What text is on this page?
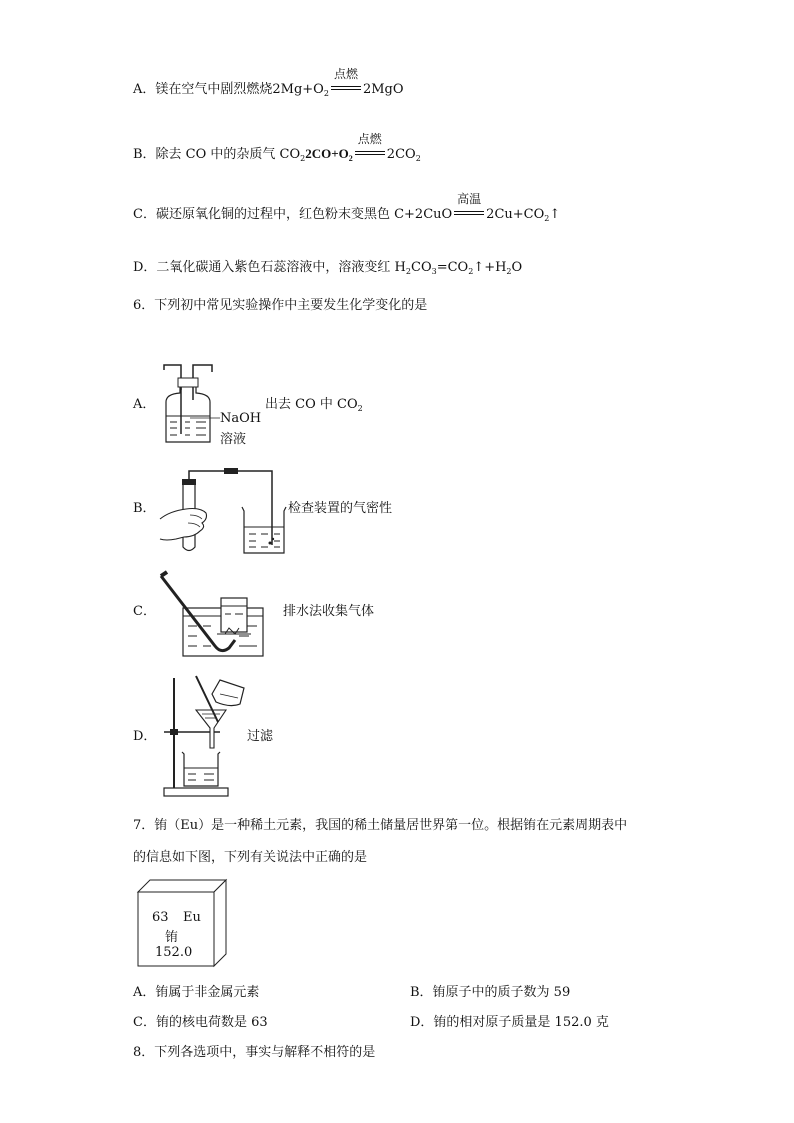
A．镁在空气中剧烈燃烧$2Mg+O_2$
点燃
2MgO
B．除去 CO 中的杂质气 $CO_22CO+O_2$
点燃
$2CO_2$
C．碳还原氧化铜的过程中，红色粉末变黑色 C+2CuO
高温
$2Cu+CO_2↑$
D．二氧化碳通入紫色石蕊溶液中，溶液变红 $H_2CO_3=CO_2↑+H_2O$
6．下列初中常见实验操作中主要发生化学变化的是
A．
NaOH
溶液
出去 CO 中 $CO_2$
B．	检查装置的气密性
C．	排水法收集气体
D．	过滤
7．铕（Eu）是一种稀土元素，我国的稀土储量居世界第一位。根据铕在元素周期表中
的信息如下图，下列有关说法中正确的是
63 Eu
铕
152.0
A．铕属于非金属元素	B．铕原子中的质子数为 59
C．铕的核电荷数是 63	D．铕的相对原子质量是 152.0 克
8．下列各选项中，事实与解释不相符的是
